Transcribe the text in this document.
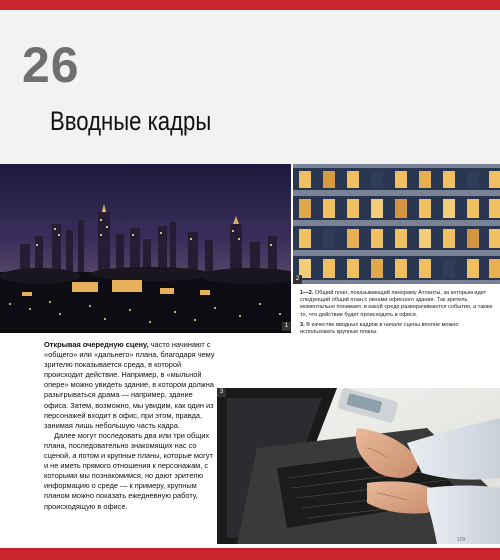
26
Вводные кадры
1
2

1—2. Общий план, показывающий панораму Атланты, за которым идет следующий общий план с окнами офисного здания. Так зритель моментально понимает, в какой среде разворачиваются события, а также то, что действие будет происходить в офисе.

3. В качестве вводных кадров в начале сцены вполне можно использовать крупные планы.

Открывая очередную сцену, часто начинают с «общего» или «дальнего» плана, благодаря чему зрителю показывается среда, в которой происходит действие. Например, в «мыльной опере» можно увидеть здание, в котором должна разыгрываться драма — например, здание офиса. Затем, возможно, мы увидим, как один из персонажей входит в офис, при этом, правда, занимая лишь небольшую часть кадра.

Далее могут последовать два или три общих плана, последовательно знакомящих нас со сценой, а потом и крупные планы, которые могут и не иметь прямого отношения к персонажам, с которыми мы познакомимся, но дают зрителю информацию о среде — к примеру, крупным планом можно показать ежедневную работу, происходящую в офисе.

3
109
